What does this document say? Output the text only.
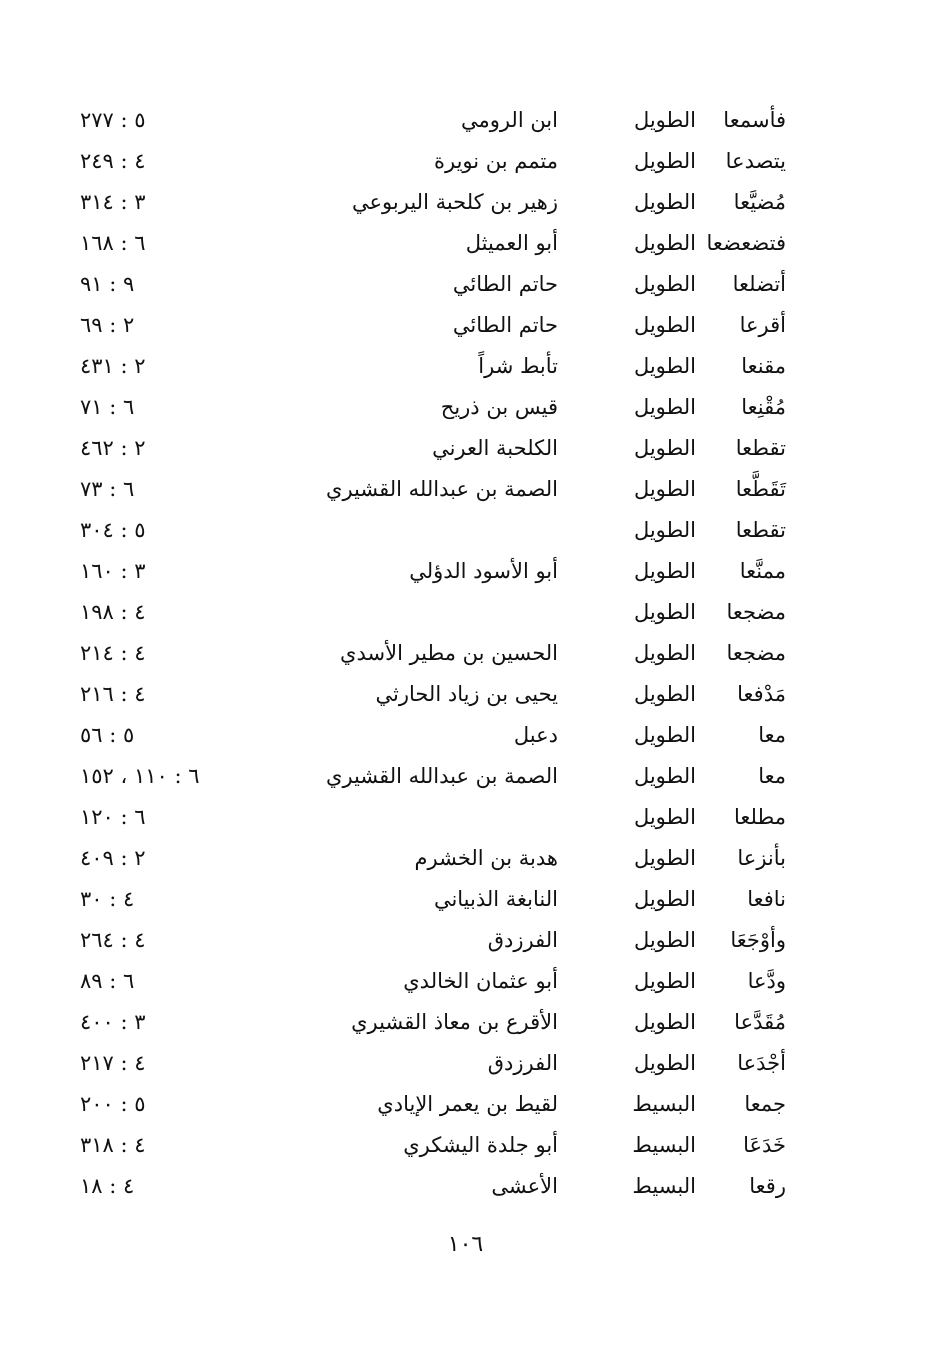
فأسمعا
الطويل
ابن الرومي
٥ : ٢٧٧
يتصدعا
الطويل
متمم بن نويرة
٤ : ٢٤٩
مُضيَّعا
الطويل
زهير بن كلحبة اليربوعي
٣ : ٣١٤
فتضعضعا
الطويل
أبو العميثل
٦ : ١٦٨
أتضلعا
الطويل
حاتم الطائي
٩ : ٩١
أقرعا
الطويل
حاتم الطائي
٢ : ٦٩
مقنعا
الطويل
تأبط شراً
٢ : ٤٣١
مُقْنِعا
الطويل
قيس بن ذريح
٦ : ٧١
تقطعا
الطويل
الكلحبة العرني
٢ : ٤٦٢
تَقَطَّعا
الطويل
الصمة بن عبدالله القشيري
٦ : ٧٣
تقطعا
الطويل
٥ : ٣٠٤
ممنَّعا
الطويل
أبو الأسود الدؤلي
٣ : ١٦٠
مضجعا
الطويل
٤ : ١٩٨
مضجعا
الطويل
الحسين بن مطير الأسدي
٤ : ٢١٤
مَدْفعا
الطويل
يحيى بن زياد الحارثي
٤ : ٢١٦
معا
الطويل
دعبل
٥ : ٥٦
معا
الطويل
الصمة بن عبدالله القشيري
٦ : ١١٠ ، ١٥٢
مطلعا
الطويل
٦ : ١٢٠
بأنزعا
الطويل
هدبة بن الخشرم
٢ : ٤٠٩
نافعا
الطويل
النابغة الذبياني
٤ : ٣٠
وأوْجَعَا
الطويل
الفرزدق
٤ : ٢٦٤
ودَّعا
الطويل
أبو عثمان الخالدي
٦ : ٨٩
مُقَدَّعا
الطويل
الأقرع بن معاذ القشيري
٣ : ٤٠٠
أجْدَعا
الطويل
الفرزدق
٤ : ٢١٧
جمعا
البسيط
لقيط بن يعمر الإيادي
٥ : ٢٠٠
خَدَعَا
البسيط
أبو جلدة اليشكري
٤ : ٣١٨
رقعا
البسيط
الأعشى
٤ : ١٨
١٠٦
